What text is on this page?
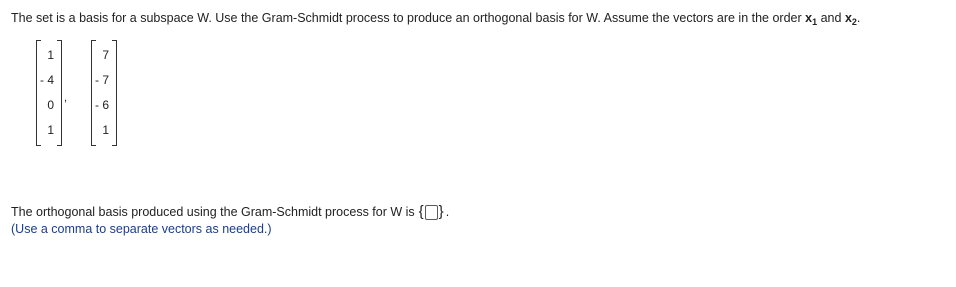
The set is a basis for a subspace W. Use the Gram-Schmidt process to produce an orthogonal basis for W. Assume the vectors are in the order $x_1$ and $x_2$.
1
- 4
0
1
,
7
- 7
- 6
1
The orthogonal basis produced using the Gram-Schmidt process for W is { } .
(Use a comma to separate vectors as needed.)
